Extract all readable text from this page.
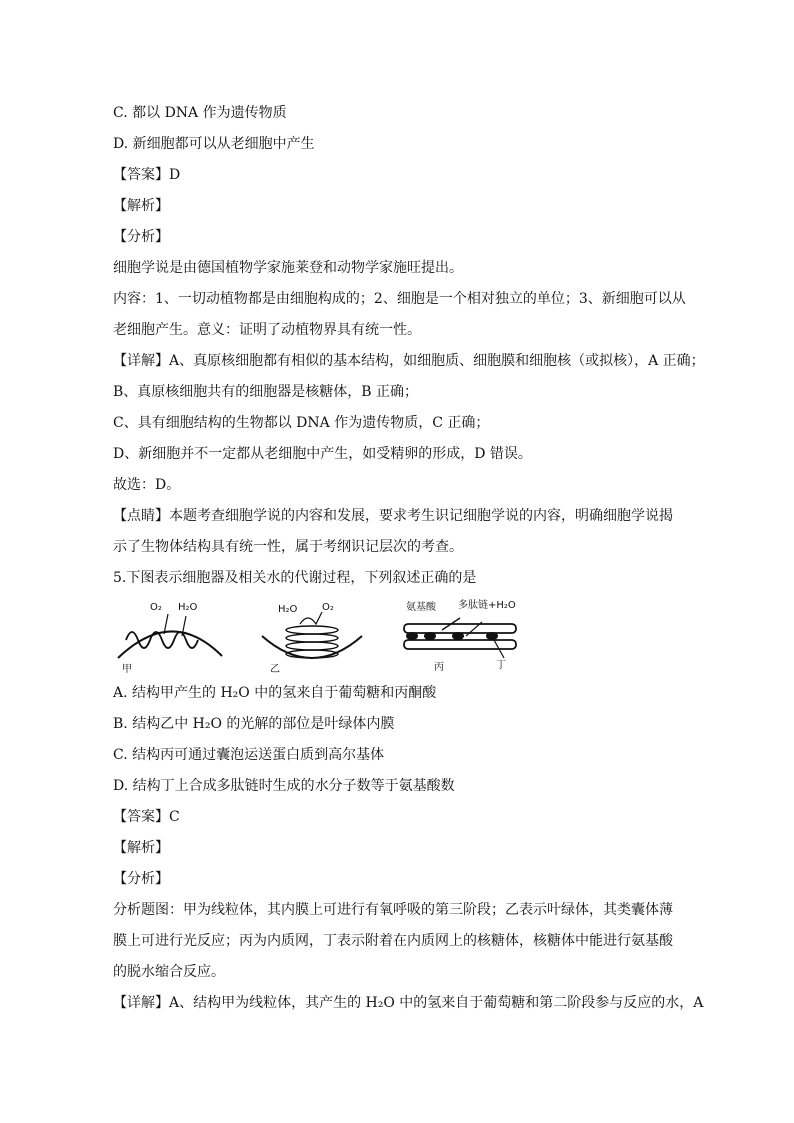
C. 都以 DNA 作为遗传物质
D. 新细胞都可以从老细胞中产生
【答案】D
【解析】
【分析】
细胞学说是由德国植物学家施莱登和动物学家施旺提出。
内容：1、一切动植物都是由细胞构成的；2、细胞是一个相对独立的单位；3、新细胞可以从
老细胞产生。意义：证明了动植物界具有统一性。
【详解】A、真原核细胞都有相似的基本结构，如细胞质、细胞膜和细胞核（或拟核），A 正确；
B、真原核细胞共有的细胞器是核糖体，B 正确；
C、具有细胞结构的生物都以 DNA 作为遗传物质，C 正确；
D、新细胞并不一定都从老细胞中产生，如受精卵的形成，D 错误。
故选：D。
【点睛】本题考查细胞学说的内容和发展，要求考生识记细胞学说的内容，明确细胞学说揭
示了生物体结构具有统一性，属于考纲识记层次的考查。
5.下图表示细胞器及相关水的代谢过程，下列叙述正确的是
O₂ H₂O
甲
H₂O O₂
乙
氨基酸 多肽链+H₂O
丙	丁
A. 结构甲产生的 H₂O 中的氢来自于葡萄糖和丙酮酸
B. 结构乙中 H₂O 的光解的部位是叶绿体内膜
C. 结构丙可通过囊泡运送蛋白质到高尔基体
D. 结构丁上合成多肽链时生成的水分子数等于氨基酸数
【答案】C
【解析】
【分析】
分析题图：甲为线粒体，其内膜上可进行有氧呼吸的第三阶段；乙表示叶绿体，其类囊体薄
膜上可进行光反应；丙为内质网，丁表示附着在内质网上的核糖体，核糖体中能进行氨基酸
的脱水缩合反应。
【详解】A、结构甲为线粒体，其产生的 H₂O 中的氢来自于葡萄糖和第二阶段参与反应的水，A
